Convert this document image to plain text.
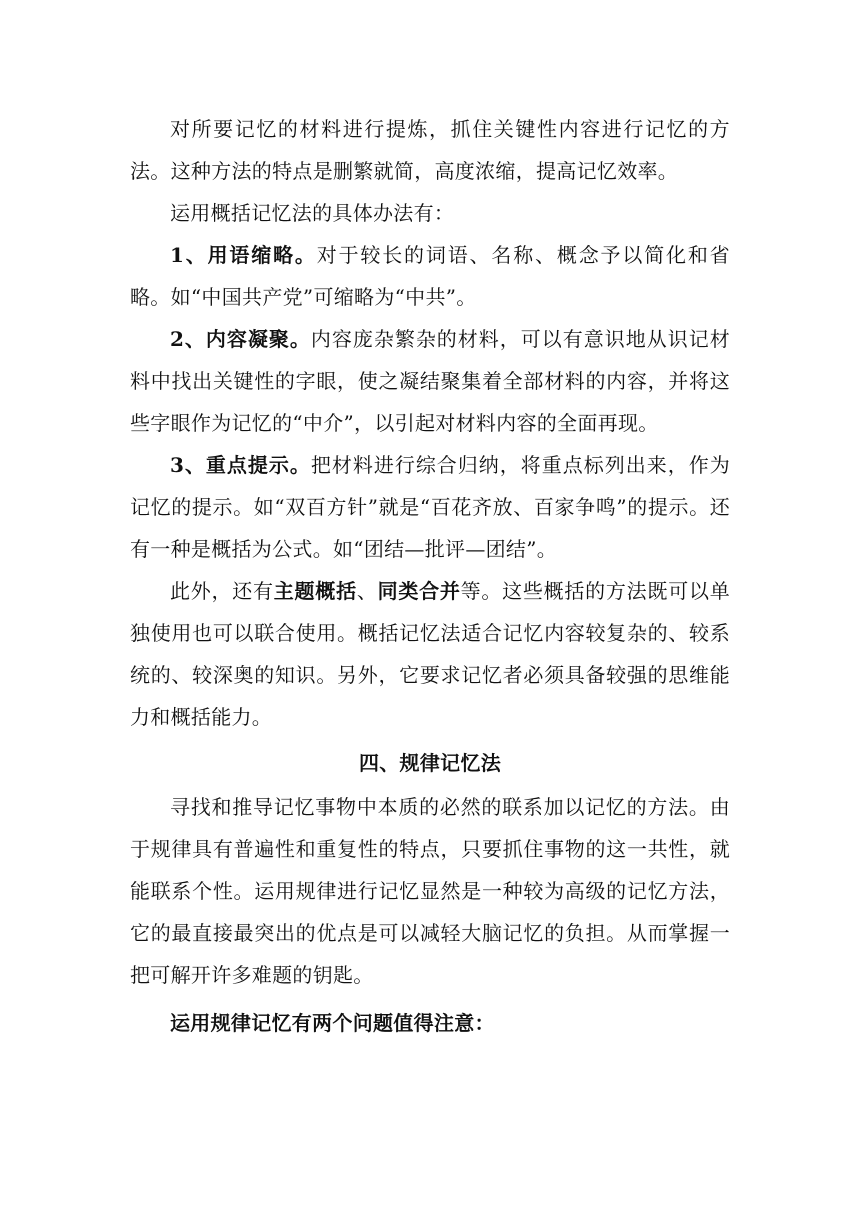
对所要记忆的材料进行提炼，抓住关键性内容进行记忆的方法。这种方法的特点是删繁就简，高度浓缩，提高记忆效率。

运用概括记忆法的具体办法有：

1、用语缩略。对于较长的词语、名称、概念予以简化和省略。如“中国共产党”可缩略为“中共”。

2、内容凝聚。内容庞杂繁杂的材料，可以有意识地从识记材料中找出关键性的字眼，使之凝结聚集着全部材料的内容，并将这些字眼作为记忆的“中介”，以引起对材料内容的全面再现。

3、重点提示。把材料进行综合归纳，将重点标列出来，作为记忆的提示。如“双百方针”就是“百花齐放、百家争鸣”的提示。还有一种是概括为公式。如“团结—批评—团结”。

此外，还有主题概括、同类合并等。这些概括的方法既可以单独使用也可以联合使用。概括记忆法适合记忆内容较复杂的、较系统的、较深奥的知识。另外，它要求记忆者必须具备较强的思维能力和概括能力。

四、规律记忆法

寻找和推导记忆事物中本质的必然的联系加以记忆的方法。由于规律具有普遍性和重复性的特点，只要抓住事物的这一共性，就能联系个性。运用规律进行记忆显然是一种较为高级的记忆方法，它的最直接最突出的优点是可以减轻大脑记忆的负担。从而掌握一把可解开许多难题的钥匙。

运用规律记忆有两个问题值得注意：
